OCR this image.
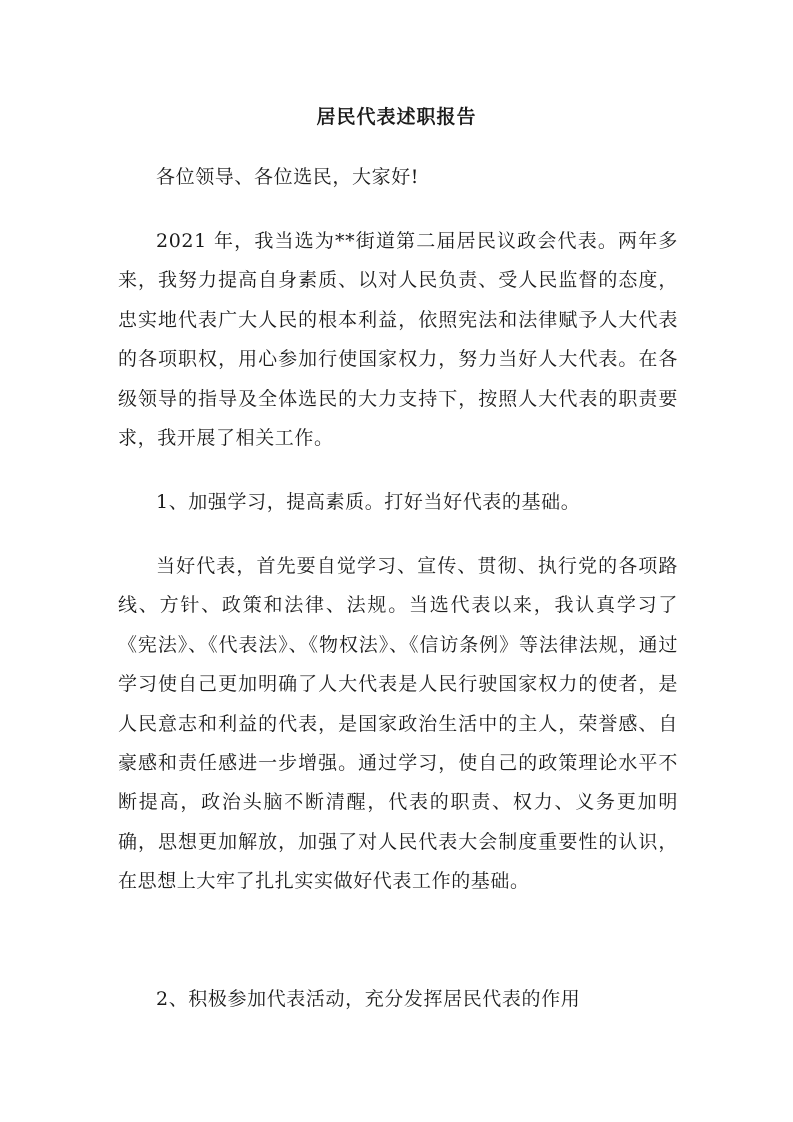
居民代表述职报告

各位领导、各位选民，大家好!

2021 年，我当选为**街道第二届居民议政会代表。两年多来，我努力提高自身素质、以对人民负责、受人民监督的态度，忠实地代表广大人民的根本利益，依照宪法和法律赋予人大代表的各项职权，用心参加行使国家权力，努力当好人大代表。在各级领导的指导及全体选民的大力支持下，按照人大代表的职责要求，我开展了相关工作。

1、加强学习，提高素质。打好当好代表的基础。

当好代表，首先要自觉学习、宣传、贯彻、执行党的各项路线、方针、政策和法律、法规。当选代表以来，我认真学习了《宪法》、《代表法》、《物权法》、《信访条例》等法律法规，通过学习使自己更加明确了人大代表是人民行驶国家权力的使者，是人民意志和利益的代表，是国家政治生活中的主人，荣誉感、自豪感和责任感进一步增强。通过学习，使自己的政策理论水平不断提高，政治头脑不断清醒，代表的职责、权力、义务更加明确，思想更加解放，加强了对人民代表大会制度重要性的认识，在思想上大牢了扎扎实实做好代表工作的基础。

2、积极参加代表活动，充分发挥居民代表的作用
